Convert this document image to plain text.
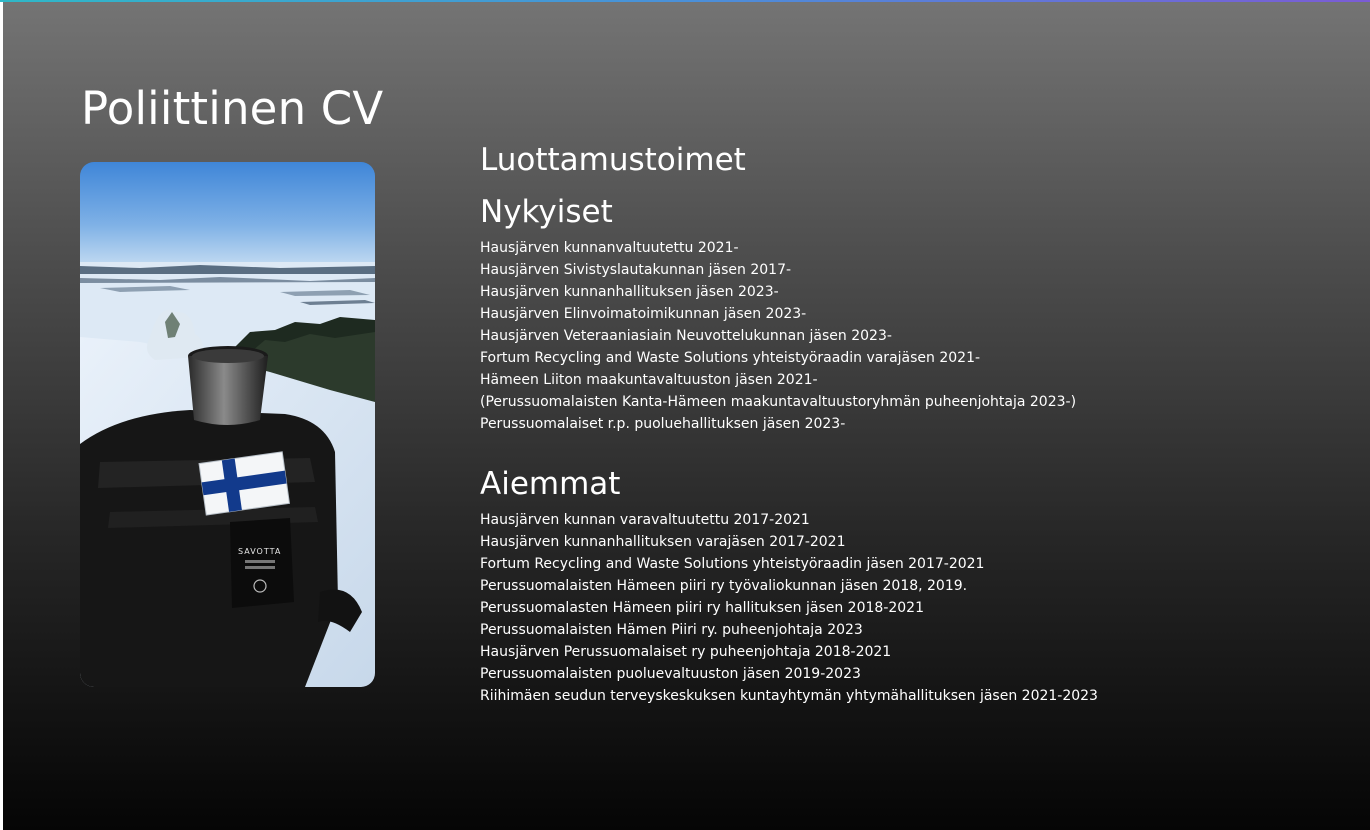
Poliittinen CV
SAVOTTA
Luottamustoimet
Nykyiset
Hausjärven kunnanvaltuutettu 2021-
Hausjärven Sivistyslautakunnan jäsen 2017-
Hausjärven kunnanhallituksen jäsen 2023-
Hausjärven Elinvoimatoimikunnan jäsen 2023-
Hausjärven Veteraaniasiain Neuvottelukunnan jäsen 2023-
Fortum Recycling and Waste Solutions yhteistyöraadin varajäsen 2021-
Hämeen Liiton maakuntavaltuuston jäsen 2021-
(Perussuomalaisten Kanta-Hämeen maakuntavaltuustoryhmän puheenjohtaja 2023-)
Perussuomalaiset r.p. puoluehallituksen jäsen 2023-
Aiemmat
Hausjärven kunnan varavaltuutettu 2017-2021
Hausjärven kunnanhallituksen varajäsen 2017-2021
Fortum Recycling and Waste Solutions yhteistyöraadin jäsen 2017-2021
Perussuomalaisten Hämeen piiri ry työvaliokunnan jäsen 2018, 2019.
Perussuomalasten Hämeen piiri ry hallituksen jäsen 2018-2021
Perussuomalaisten Hämen Piiri ry. puheenjohtaja 2023
Hausjärven Perussuomalaiset ry puheenjohtaja 2018-2021
Perussuomalaisten puoluevaltuuston jäsen 2019-2023
Riihimäen seudun terveyskeskuksen kuntayhtymän yhtymähallituksen jäsen 2021-2023
